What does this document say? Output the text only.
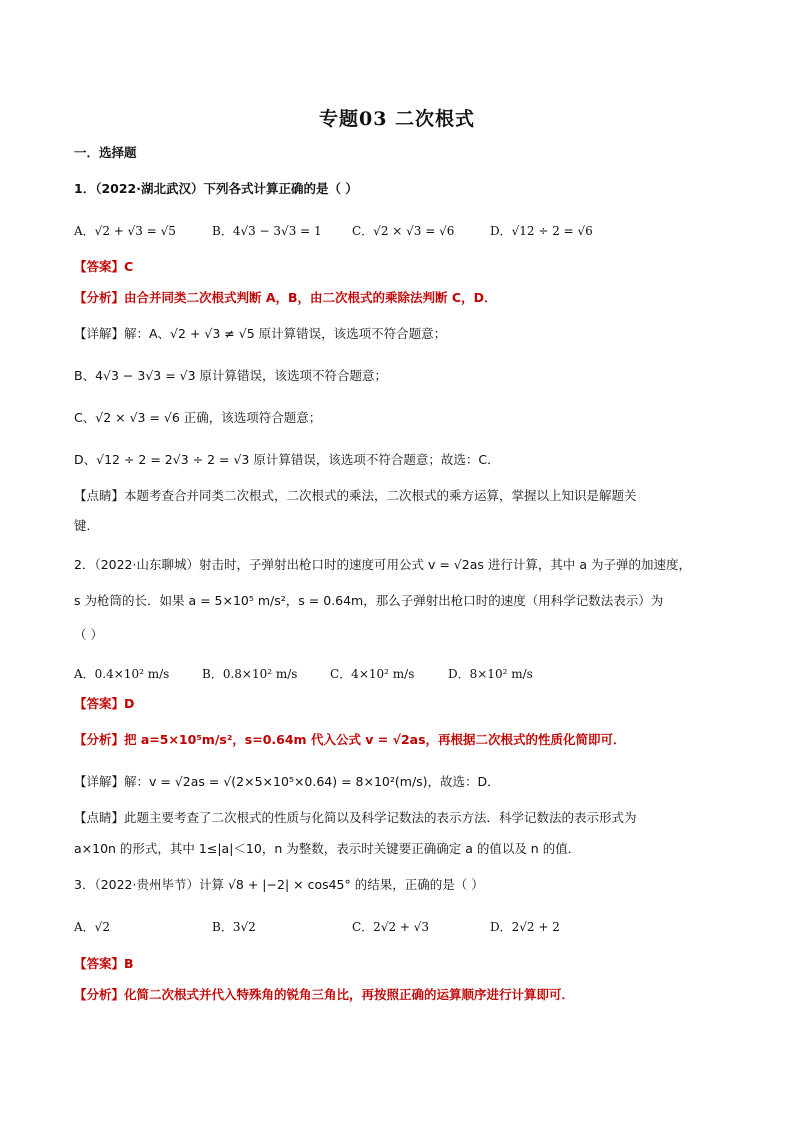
专题03 二次根式
一．选择题
1．（2022·湖北武汉）下列各式计算正确的是（ ）
A．√2 + √3 = √5	B．4√3 − 3√3 = 1	C．√2 × √3 = √6	D．√12 ÷ 2 = √6
【答案】C
【分析】由合并同类二次根式判断 A，B，由二次根式的乘除法判断 C，D．
【详解】解：A、√2 + √3 ≠ √5 原计算错误，该选项不符合题意；
B、4√3 − 3√3 = √3 原计算错误，该选项不符合题意；
C、√2 × √3 = √6 正确，该选项符合题意；
D、√12 ÷ 2 = 2√3 ÷ 2 = √3 原计算错误，该选项不符合题意；故选：C．
【点睛】本题考查合并同类二次根式，二次根式的乘法，二次根式的乘方运算，掌握以上知识是解题关
键．
2．（2022·山东聊城）射击时，子弹射出枪口时的速度可用公式 v = √2as 进行计算，其中 a 为子弹的加速度，
s 为枪筒的长．如果 a = 5×10⁵ m/s²，s = 0.64m，那么子弹射出枪口时的速度（用科学记数法表示）为
（ ）
A．0.4×10² m/s	B．0.8×10² m/s	C．4×10² m/s	D．8×10² m/s
【答案】D
【分析】把 a=5×10⁵m/s²，s=0.64m 代入公式 v = √2as，再根据二次根式的性质化简即可．
【详解】解：v = √2as = √(2×5×10⁵×0.64) = 8×10²(m/s)，故选：D．
【点睛】此题主要考查了二次根式的性质与化简以及科学记数法的表示方法．科学记数法的表示形式为
a×10n 的形式，其中 1≤|a|＜10，n 为整数，表示时关键要正确确定 a 的值以及 n 的值．
3．（2022·贵州毕节）计算 √8 + |−2| × cos45° 的结果，正确的是（ ）
A．√2	B．3√2	C．2√2 + √3	D．2√2 + 2
【答案】B
【分析】化简二次根式并代入特殊角的锐角三角比，再按照正确的运算顺序进行计算即可．
